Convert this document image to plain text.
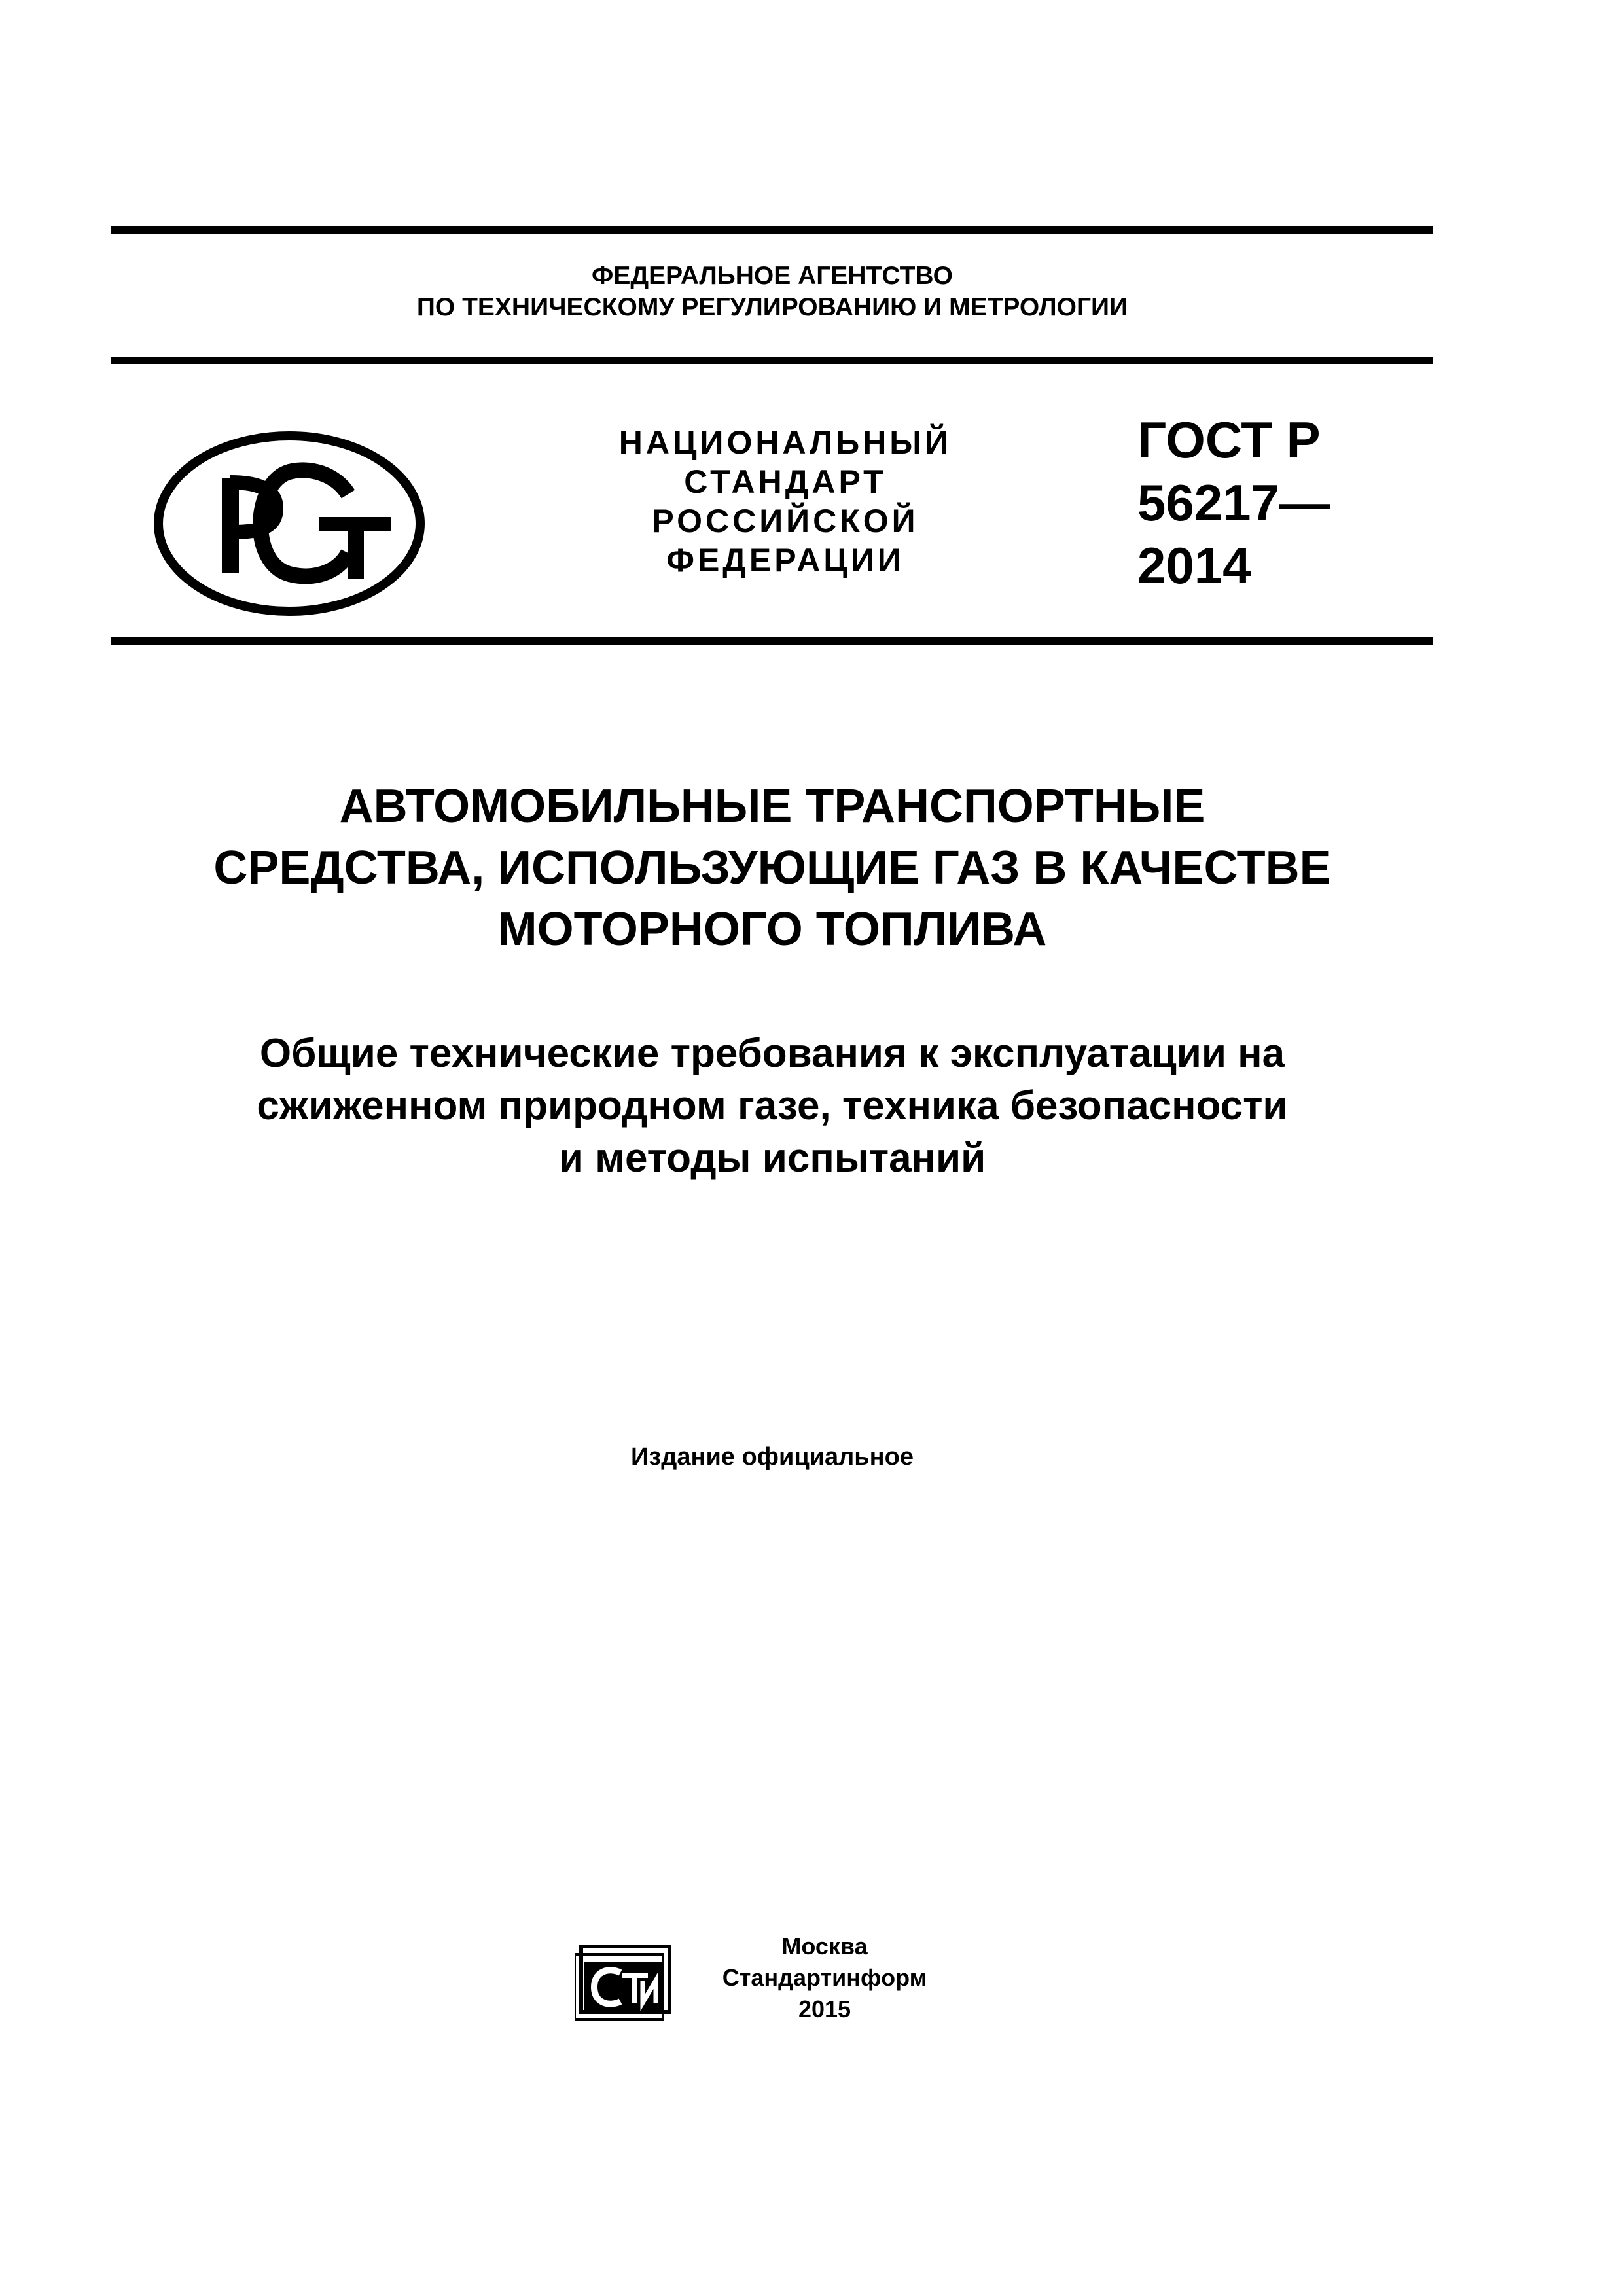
ФЕДЕРАЛЬНОЕ АГЕНТСТВО
ПО ТЕХНИЧЕСКОМУ РЕГУЛИРОВАНИЮ И МЕТРОЛОГИИ
НАЦИОНАЛЬНЫЙ
СТАНДАРТ
РОССИЙСКОЙ
ФЕДЕРАЦИИ
ГОСТ Р
56217—
2014
АВТОМОБИЛЬНЫЕ ТРАНСПОРТНЫЕ
СРЕДСТВА, ИСПОЛЬЗУЮЩИЕ ГАЗ В КАЧЕСТВЕ
МОТОРНОГО ТОПЛИВА
Общие технические требования к эксплуатации на
сжиженном природном газе, техника безопасности
и методы испытаний
Издание официальное
Москва
Стандартинформ
2015
